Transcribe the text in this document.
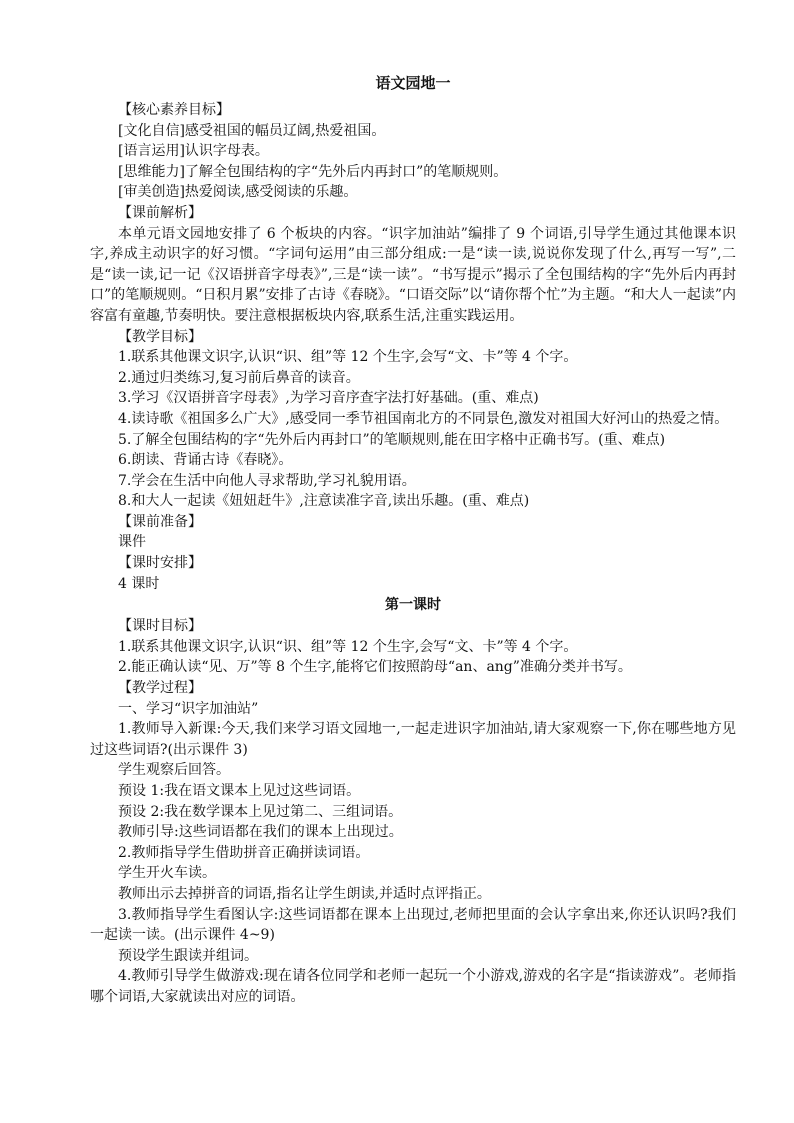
语文园地一

【核心素养目标】

[文化自信]感受祖国的幅员辽阔,热爱祖国。

[语言运用]认识字母表。

[思维能力]了解全包围结构的字“先外后内再封口”的笔顺规则。

[审美创造]热爱阅读,感受阅读的乐趣。

【课前解析】

本单元语文园地安排了 6 个板块的内容。“识字加油站”编排了 9 个词语,引导学生通过其他课本识字,养成主动识字的好习惯。“字词句运用”由三部分组成:一是“读一读,说说你发现了什么,再写一写”,二是“读一读,记一记《汉语拼音字母表》”,三是“读一读”。“书写提示”揭示了全包围结构的字“先外后内再封口”的笔顺规则。“日积月累”安排了古诗《春晓》。“口语交际”以“请你帮个忙”为主题。“和大人一起读”内容富有童趣,节奏明快。要注意根据板块内容,联系生活,注重实践运用。

【教学目标】

1.联系其他课文识字,认识“识、组”等 12 个生字,会写“文、卡”等 4 个字。

2.通过归类练习,复习前后鼻音的读音。

3.学习《汉语拼音字母表》,为学习音序查字法打好基础。(重、难点)

4.读诗歌《祖国多么广大》,感受同一季节祖国南北方的不同景色,激发对祖国大好河山的热爱之情。

5.了解全包围结构的字“先外后内再封口”的笔顺规则,能在田字格中正确书写。(重、难点)

6.朗读、背诵古诗《春晓》。

7.学会在生活中向他人寻求帮助,学习礼貌用语。

8.和大人一起读《妞妞赶牛》,注意读准字音,读出乐趣。(重、难点)

【课前准备】

课件

【课时安排】

4 课时

第一课时

【课时目标】

1.联系其他课文识字,认识“识、组”等 12 个生字,会写“文、卡”等 4 个字。

2.能正确认读“见、万”等 8 个生字,能将它们按照韵母“an、ang”准确分类并书写。

【教学过程】

一、学习“识字加油站”

1.教师导入新课:今天,我们来学习语文园地一,一起走进识字加油站,请大家观察一下,你在哪些地方见过这些词语?(出示课件 3)

学生观察后回答。

预设 1:我在语文课本上见过这些词语。

预设 2:我在数学课本上见过第二、三组词语。

教师引导:这些词语都在我们的课本上出现过。

2.教师指导学生借助拼音正确拼读词语。

学生开火车读。

教师出示去掉拼音的词语,指名让学生朗读,并适时点评指正。

3.教师指导学生看图认字:这些词语都在课本上出现过,老师把里面的会认字拿出来,你还认识吗?我们一起读一读。(出示课件 4~9)

预设学生跟读并组词。

4.教师引导学生做游戏:现在请各位同学和老师一起玩一个小游戏,游戏的名字是“指读游戏”。老师指哪个词语,大家就读出对应的词语。
